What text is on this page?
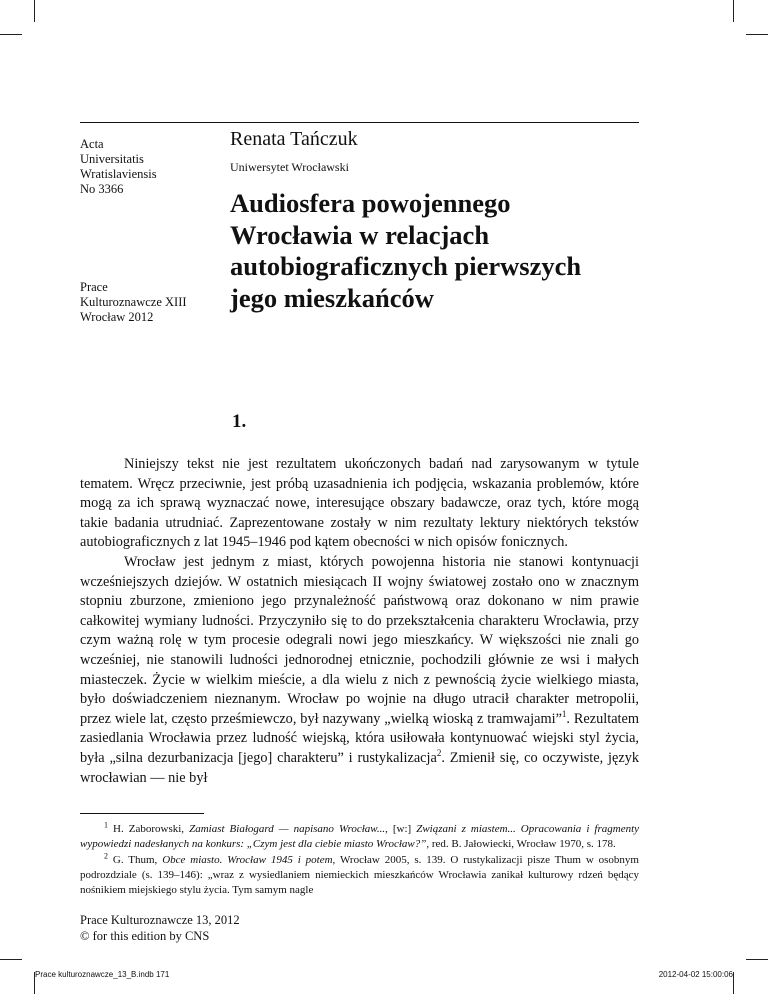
Acta
Universitatis
Wratislaviensis
No 3366
Prace
Kulturoznawcze XIII
Wrocław 2012
Renata Tańczuk
Uniwersytet Wrocławski
Audiosfera powojennego
Wrocławia w relacjach
autobiograficznych pierwszych
jego mieszkańców
1.

Niniejszy tekst nie jest rezultatem ukończonych badań nad zarysowanym w tytule tematem. Wręcz przeciwnie, jest próbą uzasadnienia ich podjęcia, wskazania problemów, które mogą za ich sprawą wyznaczać nowe, interesujące obszary badawcze, oraz tych, które mogą takie badania utrudniać. Zaprezentowane zostały w nim rezultaty lektury niektórych tekstów autobiograficznych z lat 1945–1946 pod kątem obecności w nich opisów fonicznych.

Wrocław jest jednym z miast, których powojenna historia nie stanowi kontynuacji wcześniejszych dziejów. W ostatnich miesiącach II wojny światowej zostało ono w znacznym stopniu zburzone, zmieniono jego przynależność państwową oraz dokonano w nim prawie całkowitej wymiany ludności. Przyczyniło się to do przekształcenia charakteru Wrocławia, przy czym ważną rolę w tym procesie odegrali nowi jego mieszkańcy. W większości nie znali go wcześniej, nie stanowili ludności jednorodnej etnicznie, pochodzili głównie ze wsi i małych miasteczek. Życie w wielkim mieście, a dla wielu z nich z pewnością życie wielkiego miasta, było doświadczeniem nieznanym. Wrocław po wojnie na długo utracił charakter metropolii, przez wiele lat, często prześmiewczo, był nazywany „wielką wioską z tramwajami”$^1$. Rezultatem zasiedlania Wrocławia przez ludność wiejską, która usiłowała kontynuować wiejski styl życia, była „silna dezurbanizacja [jego] charakteru” i rustykalizacja$^2$. Zmienił się, co oczywiste, język wrocławian — nie był

$^1$ H. Zaborowski, Zamiast Białogard — napisano Wrocław..., [w:] Związani z miastem... Opracowania i fragmenty wypowiedzi nadesłanych na konkurs: „Czym jest dla ciebie miasto Wrocław?”, red. B. Jałowiecki, Wrocław 1970, s. 178.

$^2$ G. Thum, Obce miasto. Wrocław 1945 i potem, Wrocław 2005, s. 139. O rustykalizacji pisze Thum w osobnym podrozdziale (s. 139–146): „wraz z wysiedlaniem niemieckich mieszkańców Wrocławia zanikał kulturowy rdzeń będący nośnikiem miejskiego stylu życia. Tym samym nagle

Prace Kulturoznawcze 13, 2012
© for this edition by CNS
Prace kulturoznawcze_13_B.indb 171	2012-04-02 15:00:06
